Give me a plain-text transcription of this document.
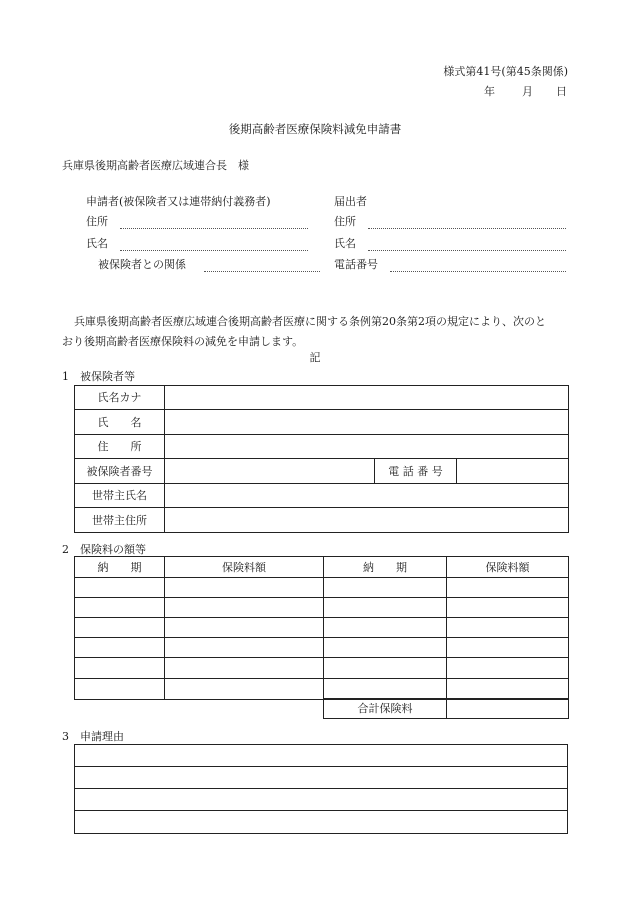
様式第41号(第45条関係)
年 月 日
後期高齢者医療保険料減免申請書
兵庫県後期高齢者医療広域連合長　様
申請者(被保険者又は連帯納付義務者)
住所
氏名
被保険者との関係
届出者
住所
氏名
電話番号
兵庫県後期高齢者医療広域連合後期高齢者医療に関する条例第20条第2項の規定により、次のと
おり後期高齢者医療保険料の減免を申請します。
記
1　被保険者等
氏名カナ			
氏　　名			
住　　所			
被保険者番号		電 話 番 号	
世帯主氏名			
世帯主住所			
2　保険料の額等
納　　期	保険料額	納　　期	保険料額

合計保険料	
3　申請理由
